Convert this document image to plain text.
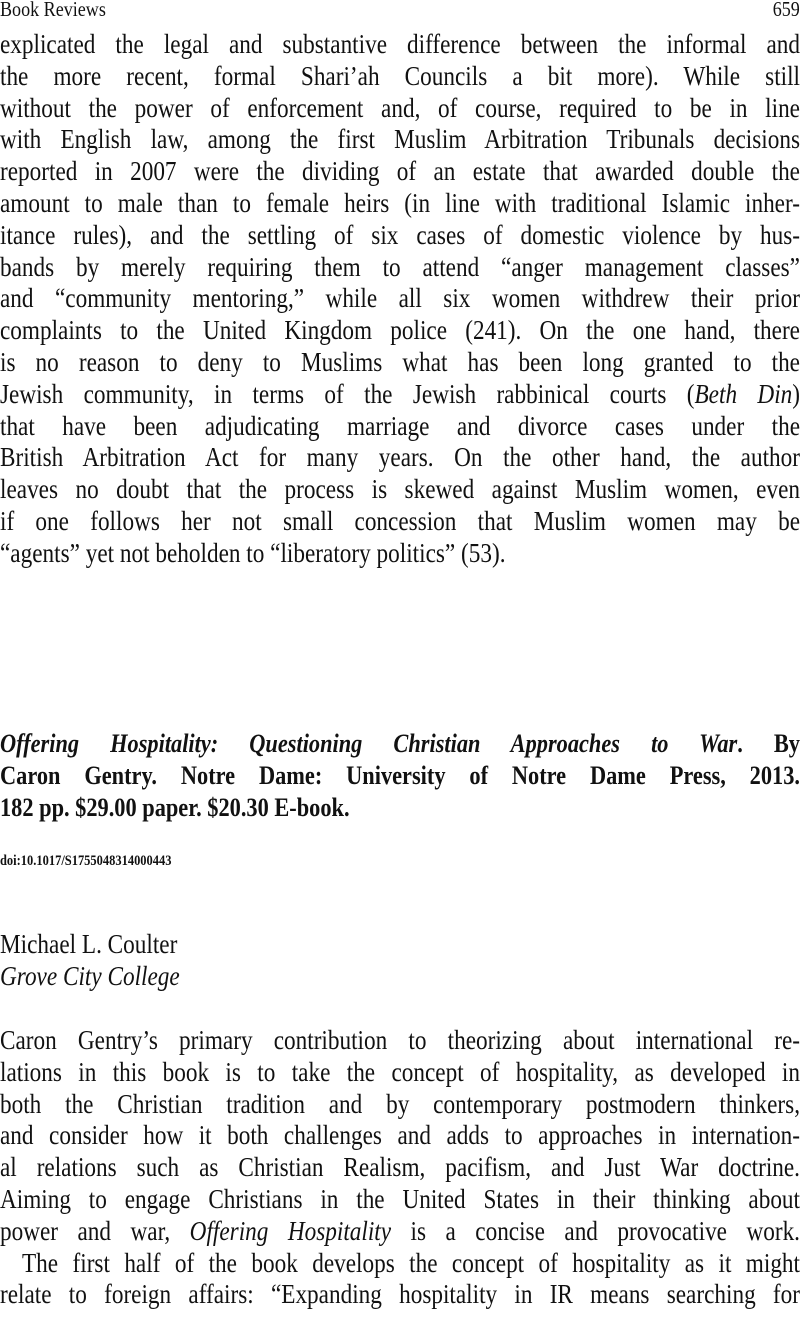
Book Reviews	659
explicated the legal and substantive difference between the informal and
the more recent, formal Shari’ah Councils a bit more). While still
without the power of enforcement and, of course, required to be in line
with English law, among the first Muslim Arbitration Tribunals decisions
reported in 2007 were the dividing of an estate that awarded double the
amount to male than to female heirs (in line with traditional Islamic inher-
itance rules), and the settling of six cases of domestic violence by hus-
bands by merely requiring them to attend “anger management classes”
and “community mentoring,” while all six women withdrew their prior
complaints to the United Kingdom police (241). On the one hand, there
is no reason to deny to Muslims what has been long granted to the
Jewish community, in terms of the Jewish rabbinical courts (Beth Din)
that have been adjudicating marriage and divorce cases under the
British Arbitration Act for many years. On the other hand, the author
leaves no doubt that the process is skewed against Muslim women, even
if one follows her not small concession that Muslim women may be
“agents” yet not beholden to “liberatory politics” (53).
Offering Hospitality: Questioning Christian Approaches to War. By
Caron Gentry. Notre Dame: University of Notre Dame Press, 2013.
182 pp. $29.00 paper. $20.30 E-book.
doi:10.1017/S1755048314000443
Michael L. Coulter
Grove City College
Caron Gentry’s primary contribution to theorizing about international re-
lations in this book is to take the concept of hospitality, as developed in
both the Christian tradition and by contemporary postmodern thinkers,
and consider how it both challenges and adds to approaches in internation-
al relations such as Christian Realism, pacifism, and Just War doctrine.
Aiming to engage Christians in the United States in their thinking about
power and war, Offering Hospitality is a concise and provocative work.
The first half of the book develops the concept of hospitality as it might
relate to foreign affairs: “Expanding hospitality in IR means searching for
